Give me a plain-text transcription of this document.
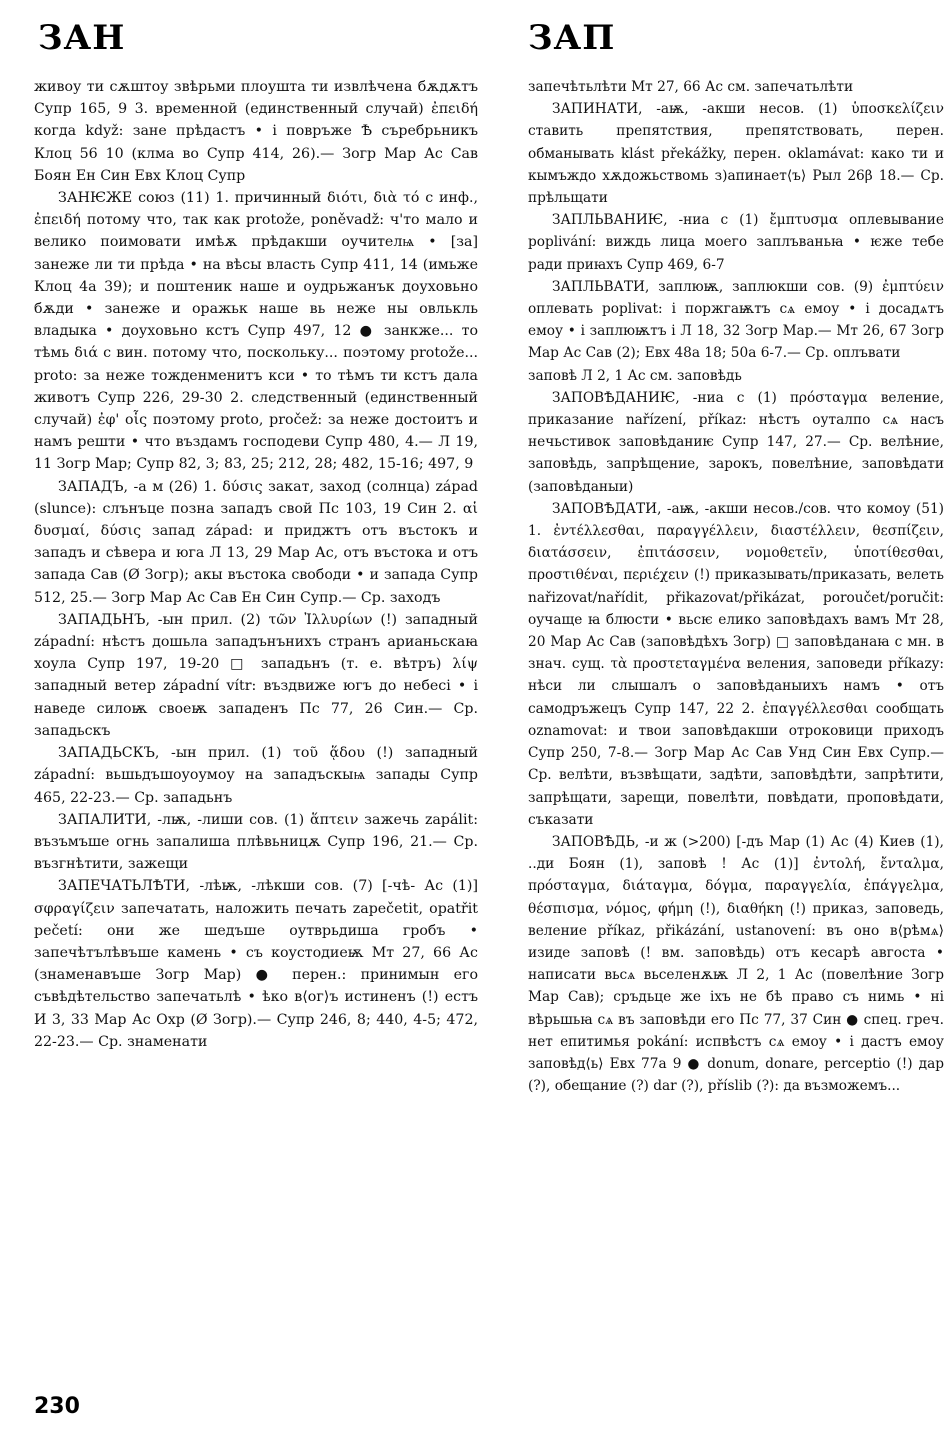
ЗАН	ЗАП

живоу ти сѫштоу звѣрьми плоушта ти извлѣчена бѫдѫтъ Супр 165, 9 3. временной (единственный случай) ἐπειδή когда když: зане прѣдастъ • і повръже Ѣ съребрьникъ Клоц 56 10 (клма во Супр 414, 26).— Зогр Мар Ас Сав Боян Ен Син Евх Клоц Супр

ЗАНѤЖЕ союз (11) 1. причинный διότι, διὰ τό с инф., ἐπειδή потому что, так как protože, poněvadž: ч'то мало и велико поимовати имѣѫ прѣдакши оучителѩ • [за] занеже ли ти прѣда • на вѣсы власть Супр 411, 14 (имьже Клоц 4а 39); и поштеник наше и оудрьжанък доуховьно бѫди • занеже и оражьк наше вь неже ны овлькль владыка • доуховьно кстъ Супр 497, 12 ● занкже... то тѣмь διά с вин. потому что, поскольку... поэтому protože... proto: за неже тожденменитъ кси • то тѣмъ ти кстъ дала животъ Супр 226, 29-30 2. следственный (единственный случай) ἐφ' οἷς поэтому proto, pročež: за неже достоитъ и намъ решти • что въздамъ господеви Супр 480, 4.— Л 19, 11 Зогр Мар; Супр 82, 3; 83, 25; 212, 28; 482, 15-16; 497, 9

ЗАПАДЪ, -а м (26) 1. δύσις закат, заход (солнца) západ (slunce): слънъце позна западъ свой Пс 103, 19 Син 2. αἱ δυσμαί, δύσις запад západ: и приджтъ отъ въстокъ и западъ и сѣвера и юга Л 13, 29 Мар Ас, отъ въстока и отъ запада Сав (Ø Зогр); акы въстока свободи • и запада Супр 512, 25.— Зогр Мар Ас Сав Ен Син Супр.— Ср. заходъ

ЗАПАДЬНЪ, -ын прил. (2) τῶν Ἰλλυρίων (!) западный západní: нѣстъ дошьла западънънихъ странъ арианьскаꙗ хоула Супр 197, 19-20 □ западьнъ (т. е. вѣтръ) λίψ западный ветер západní vítr: въздвиже югъ до небесі • і наведе силоѭ своеѭ западенъ Пс 77, 26 Син.— Ср. западьскъ

ЗАПАДЬСКЪ, -ын прил. (1) τοῦ ᾅδου (!) западный západní: вьшьдъшоуоумоу на западъскыѩ запады Супр 465, 22-23.— Ср. западьнъ

ЗАПАЛИТИ, -лѭ, -лиши сов. (1) ἅπτειν зажечь zapálit: възъмъше огнь запалиша плѣвьницѫ Супр 196, 21.— Ср. възгнѣтити, зажещи

ЗАПЕЧАТЬЛѢТИ, -лѣѭ, -лѣкши сов. (7) [-чѣ- Ас (1)] σφραγίζειν запечатать, наложить печать zapečetit, opatřit pečetí: они же шедъше оутврьдиша гробъ • запечѣтълѣвъше камень • съ коустодиеѭ Мт 27, 66 Ас (знаменавъше Зогр Мар) ● перен.: принимын его съвѣдѣтельство запечатьлѣ • ѣко в⟨ог⟩ъ истиненъ (!) естъ И 3, 33 Мар Ас Охр (Ø Зогр).— Супр 246, 8; 440, 4-5; 472, 22-23.— Ср. знаменати

запечѣтьлѣти Мт 27, 66 Ас см. запечатьлѣти

ЗАПИНАТИ, -аѭ, -акши несов. (1) ὑποσκελίζειν ставить препятствия, препятствовать, перен. обманывать klást překážky, перен. oklamávat: како ти и кымъждо хѫдожьствомь з)апинает⟨ъ⟩ Рыл 26β 18.— Ср. прѣльщати

ЗАПЛЬВАНИѤ, -ниа с (1) ἔμπτυσμα оплевывание poplivání: виждь лица моего заплъваньꙗ • ѥже тебе ради приꙗхъ Супр 469, 6-7

ЗАПЛЬВАТИ, заплюѭ, заплюкши сов. (9) ἐμπτύειν оплевать poplivat: і поржгаѭтъ сѧ емоу • і досадѧтъ емоу • і заплюѭтъ і Л 18, 32 Зогр Мар.— Мт 26, 67 Зогр Мар Ас Сав (2); Евх 48а 18; 50а 6-7.— Ср. оплъвати

заповѣ Л 2, 1 Ас см. заповѣдь

ЗАПОВѢДАНИѤ, -ниа с (1) πρόσταγμα веление, приказание nařízení, příkaz: нѣстъ оуталпо сѧ насъ нечьстивок заповѣданиѥ Супр 147, 27.— Ср. велѣние, заповѣдь, запрѣщение, зарокъ, повелѣние, заповѣдати (заповѣданыи)

ЗАПОВѢДАТИ, -аѭ, -акши несов./сов. что комоу (51) 1. ἐντέλλεσθαι, παραγγέλλειν, διαστέλλειν, θεσπίζειν, διατάσσειν, ἐπιτάσσειν, νομοθετεῖν, ὑποτίθεσθαι, προστιθέναι, περιέχειν (!) приказывать/приказать, велеть nařizovat/nařídit, přikazovat/přikázat, poroučet/poručit: оучаще ꙗ блюсти • вьсѥ елико заповѣдахъ вамъ Мт 28, 20 Мар Ас Сав (заповѣдѣхъ Зогр) □ заповѣданаꙗ с мн. в знач. сущ. τὰ προστεταγμένα веления, заповеди příkazy: нѣси ли слышалъ о заповѣданыихъ намъ • отъ самодръжецъ Супр 147, 22 2. ἐπαγγέλλεσθαι сообщать oznamovat: и твои заповѣдакши отроковици приходъ Супр 250, 7-8.— Зогр Мар Ас Сав Унд Син Евх Супр.— Ср. велѣти, възвѣщати, задѣти, заповѣдѣти, запрѣтити, запрѣщати, зарещи, повелѣти, повѣдати, проповѣдати, съказати

ЗАПОВѢДЬ, -и ж (>200) [-дъ Мар (1) Ас (4) Киев (1), ..ди Боян (1), заповѣ ! Ас (1)] ἐντολή, ἔνταλμα, πρόσταγμα, διάταγμα, δόγμα, παραγγελία, ἐπάγγελμα, θέσπισμα, νόμος, φήμη (!), διαθήκη (!) приказ, заповедь, веление příkaz, přikázání, ustanovení: въ оно в⟨рѣмѧ⟩ изиде заповѣ (! вм. заповѣдь) отъ кесарѣ авгоста • написати вьсѧ вьселенѫѭ Л 2, 1 Ас (повелѣние Зогр Мар Сав); сръдьце же іхъ не бѣ право съ нимь • ні вѣрьшьꙗ сѧ въ заповѣди его Пс 77, 37 Син ● спец. греч. нет епитимья pokání: испвѣстъ сѧ емоу • і дастъ емоу заповѣд⟨ь⟩ Евх 77а 9 ● donum, donare, perceptio (!) дар (?), обещание (?) dar (?), příslib (?): да възможемъ...

230
